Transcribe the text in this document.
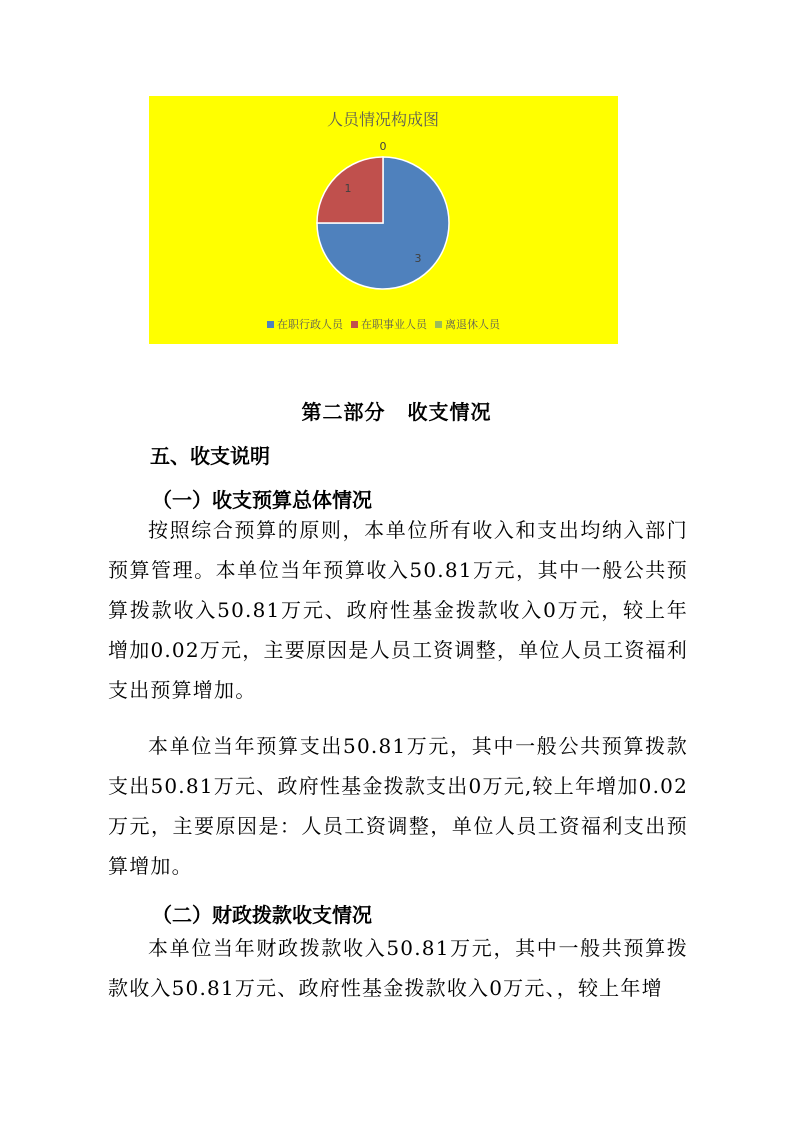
人员情况构成图
3
1
0
在职行政人员 在职事业人员 离退休人员
第二部分 收支情况
五、收支说明
（一）收支预算总体情况
按照综合预算的原则，本单位所有收入和支出均纳入部门预算管理。本单位当年预算收入50.81万元，其中一般公共预算拨款收入50.81万元、政府性基金拨款收入0万元，较上年增加0.02万元，主要原因是人员工资调整，单位人员工资福利支出预算增加。
本单位当年预算支出50.81万元，其中一般公共预算拨款支出50.81万元、政府性基金拨款支出0万元,较上年增加0.02万元，主要原因是：人员工资调整，单位人员工资福利支出预算增加。
（二）财政拨款收支情况
本单位当年财政拨款收入50.81万元，其中一般共预算拨款收入50.81万元、政府性基金拨款收入0万元、，较上年增
